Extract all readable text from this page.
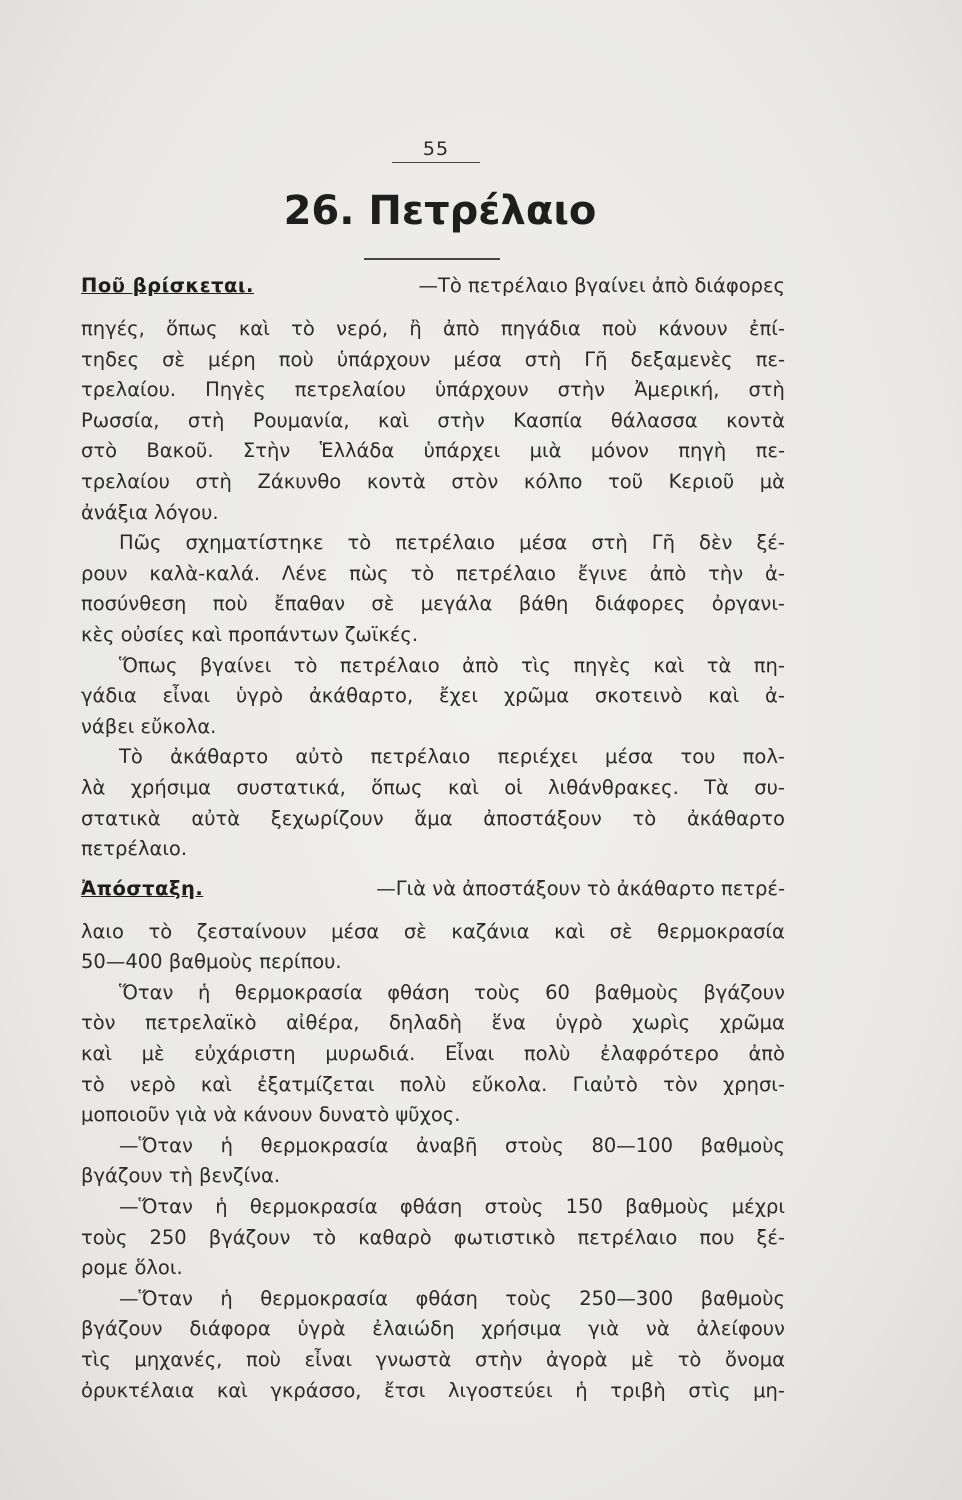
55
26. Πετρέλαιο
Ποῦ βρίσκεται.	—Τὸ πετρέλαιο βγαίνει ἀπὸ διάφορες
πηγές, ὅπως καὶ τὸ νερό, ἢ ἀπὸ πηγάδια ποὺ κάνουν ἐπί-
τηδες σὲ μέρη ποὺ ὑπάρχουν μέσα στὴ Γῆ δεξαμενὲς πε-
τρελαίου. Πηγὲς πετρελαίου ὑπάρχουν στὴν Ἀμερική, στὴ
Ρωσσία, στὴ Ρουμανία, καὶ στὴν Κασπία θάλασσα κοντὰ
στὸ Βακοῦ. Στὴν Ἑλλάδα ὑπάρχει μιὰ μόνον πηγὴ πε-
τρελαίου στὴ Ζάκυνθο κοντὰ στὸν κόλπο τοῦ Κεριοῦ μὰ
ἀνάξια λόγου.
Πῶς σχηματίστηκε τὸ πετρέλαιο μέσα στὴ Γῆ δὲν ξέ-
ρουν καλὰ-καλά. Λένε πὼς τὸ πετρέλαιο ἔγινε ἀπὸ τὴν ἀ-
ποσύνθεση ποὺ ἔπαθαν σὲ μεγάλα βάθη διάφορες ὀργανι-
κὲς οὐσίες καὶ προπάντων ζωϊκές.
Ὅπως βγαίνει τὸ πετρέλαιο ἀπὸ τὶς πηγὲς καὶ τὰ πη-
γάδια εἶναι ὑγρὸ ἀκάθαρτο, ἔχει χρῶμα σκοτεινὸ καὶ ἀ-
νάβει εὔκολα.
Τὸ ἀκάθαρτο αὐτὸ πετρέλαιο περιέχει μέσα του πολ-
λὰ χρήσιμα συστατικά, ὅπως καὶ οἱ λιθάνθρακες. Τὰ συ-
στατικὰ αὐτὰ ξεχωρίζουν ἅμα ἀποστάξουν τὸ ἀκάθαρτο
πετρέλαιο.
Ἀπόσταξη.	—Γιὰ νὰ ἀποστάξουν τὸ ἀκάθαρτο πετρέ-
λαιο τὸ ζεσταίνουν μέσα σὲ καζάνια καὶ σὲ θερμοκρασία
50—400 βαθμοὺς περίπου.
Ὅταν ἡ θερμοκρασία φθάση τοὺς 60 βαθμοὺς βγάζουν
τὸν πετρελαϊκὸ αἰθέρα, δηλαδὴ ἕνα ὑγρὸ χωρὶς χρῶμα
καὶ μὲ εὐχάριστη μυρωδιά. Εἶναι πολὺ ἐλαφρότερο ἀπὸ
τὸ νερὸ καὶ ἐξατμίζεται πολὺ εὔκολα. Γιαὐτὸ τὸν χρησι-
μοποιοῦν γιὰ νὰ κάνουν δυνατὸ ψῦχος.
—Ὅταν ἡ θερμοκρασία ἀναβῆ στοὺς 80—100 βαθμοὺς
βγάζουν τὴ βενζίνα.
—Ὅταν ἡ θερμοκρασία φθάση στοὺς 150 βαθμοὺς μέχρι
τοὺς 250 βγάζουν τὸ καθαρὸ φωτιστικὸ πετρέλαιο που ξέ-
ρομε ὅλοι.
—Ὅταν ἡ θερμοκρασία φθάση τοὺς 250—300 βαθμοὺς
βγάζουν διάφορα ὑγρὰ ἐλαιώδη χρήσιμα γιὰ νὰ ἀλείφουν
τὶς μηχανές, ποὺ εἶναι γνωστὰ στὴν ἀγορὰ μὲ τὸ ὄνομα
ὀρυκτέλαια καὶ γκράσσο, ἔτσι λιγοστεύει ἡ τριβὴ στὶς μη-
